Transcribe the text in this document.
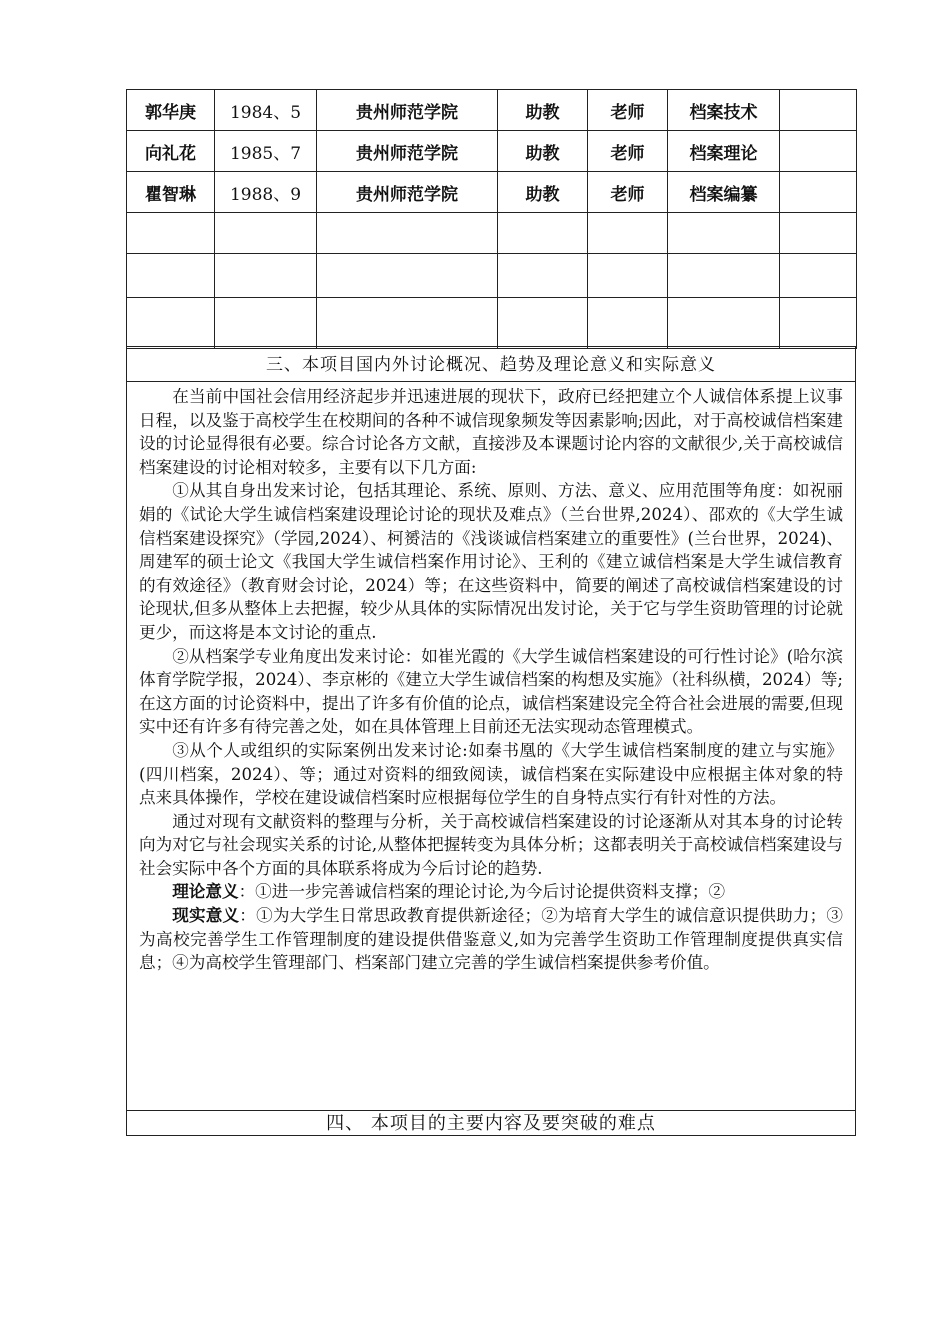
郭华庚	1984、5	贵州师范学院	助教	老师	档案技术	
向礼花	1985、7	贵州师范学院	助教	老师	档案理论	
瞿智琳	1988、9	贵州师范学院	助教	老师	档案编纂	

三、本项目国内外讨论概况、趋势及理论意义和实际意义

在当前中国社会信用经济起步并迅速进展的现状下，政府已经把建立个人诚信体系提上议事日程，以及鉴于高校学生在校期间的各种不诚信现象频发等因素影响;因此，对于高校诚信档案建设的讨论显得很有必要。综合讨论各方文献，直接涉及本课题讨论内容的文献很少,关于高校诚信档案建设的讨论相对较多，主要有以下几方面:

①从其自身出发来讨论，包括其理论、系统、原则、方法、意义、应用范围等角度：如祝丽娟的《试论大学生诚信档案建设理论讨论的现状及难点》（兰台世界,2024）、邵欢的《大学生诚信档案建设探究》（学园,2024）、柯赟洁的《浅谈诚信档案建立的重要性》(兰台世界，2024)、周建军的硕士论文《我国大学生诚信档案作用讨论》、王利的《建立诚信档案是大学生诚信教育的有效途径》（教育财会讨论，2024）等；在这些资料中，简要的阐述了高校诚信档案建设的讨论现状,但多从整体上去把握，较少从具体的实际情况出发讨论，关于它与学生资助管理的讨论就更少，而这将是本文讨论的重点.

②从档案学专业角度出发来讨论：如崔光霞的《大学生诚信档案建设的可行性讨论》(哈尔滨体育学院学报，2024）、李京彬的《建立大学生诚信档案的构想及实施》（社科纵横，2024）等;在这方面的讨论资料中，提出了许多有价值的论点，诚信档案建设完全符合社会进展的需要,但现实中还有许多有待完善之处，如在具体管理上目前还无法实现动态管理模式。

③从个人或组织的实际案例出发来讨论:如秦书凰的《大学生诚信档案制度的建立与实施》(四川档案，2024）、等；通过对资料的细致阅读，诚信档案在实际建设中应根据主体对象的特点来具体操作，学校在建设诚信档案时应根据每位学生的自身特点实行有针对性的方法。

通过对现有文献资料的整理与分析，关于高校诚信档案建设的讨论逐渐从对其本身的讨论转向为对它与社会现实关系的讨论,从整体把握转变为具体分析；这都表明关于高校诚信档案建设与社会实际中各个方面的具体联系将成为今后讨论的趋势.

理论意义：①进一步完善诚信档案的理论讨论,为今后讨论提供资料支撑；②

现实意义：①为大学生日常思政教育提供新途径；②为培育大学生的诚信意识提供助力；③为高校完善学生工作管理制度的建设提供借鉴意义,如为完善学生资助工作管理制度提供真实信息；④为高校学生管理部门、档案部门建立完善的学生诚信档案提供参考价值。

四、 本项目的主要内容及要突破的难点
